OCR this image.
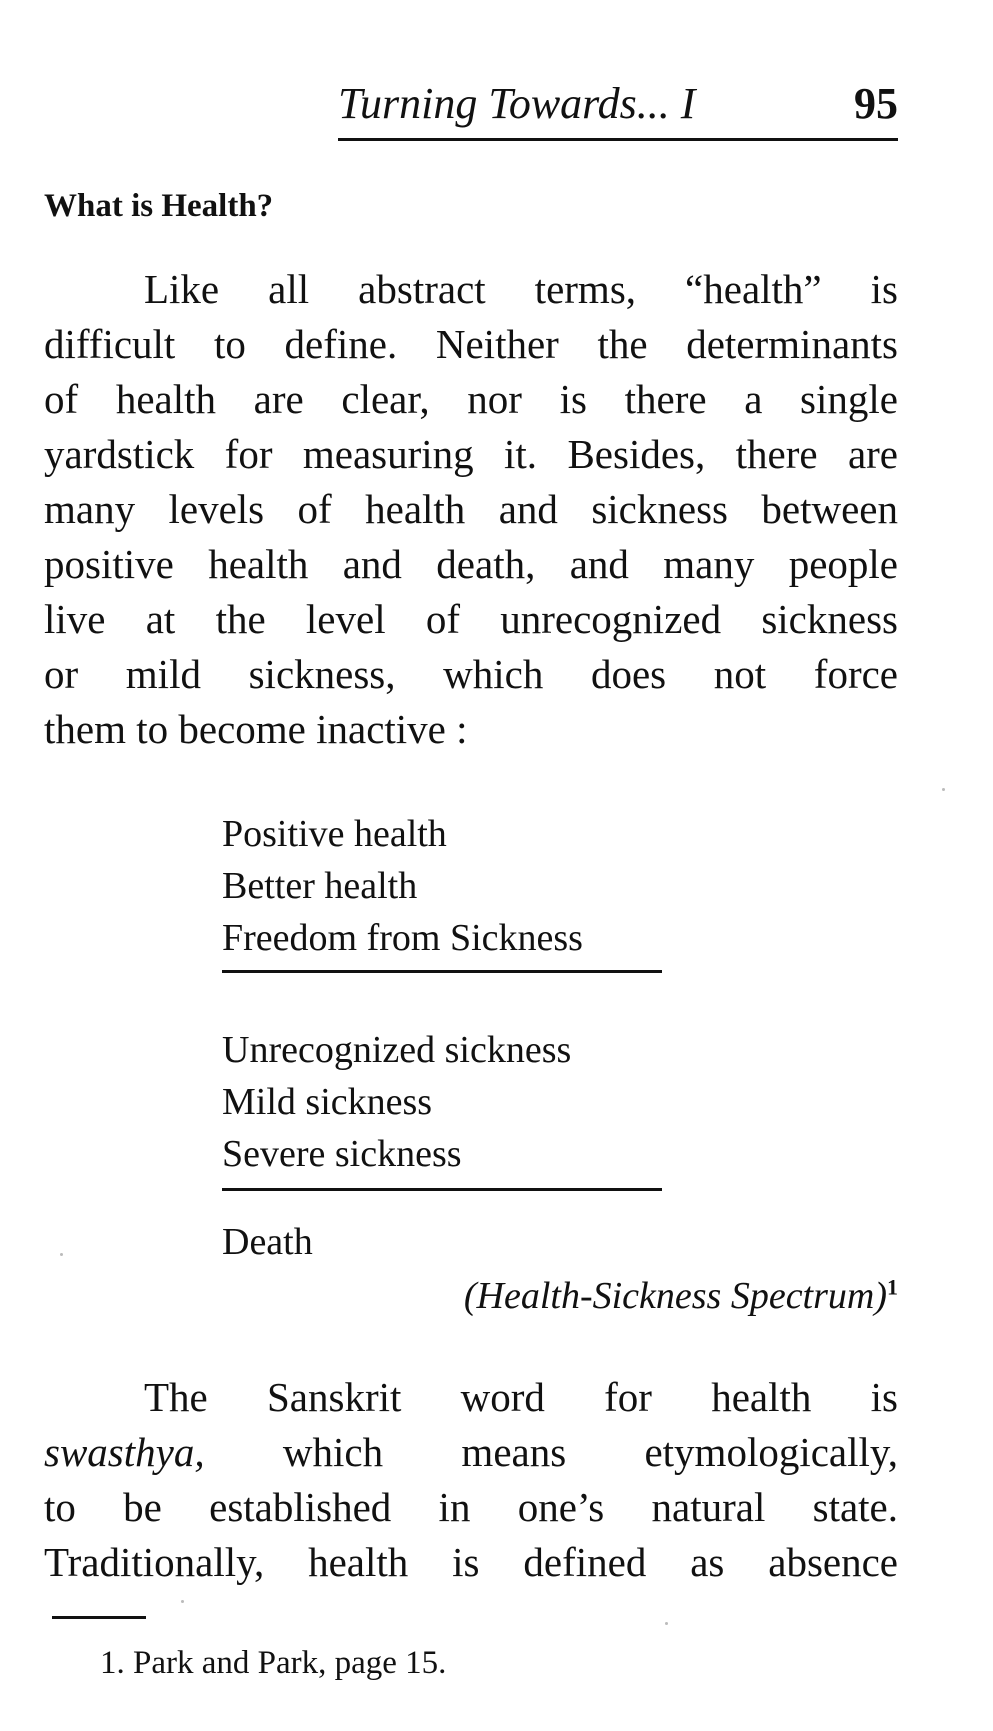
Turning Towards... I	95
What is Health?

Like all abstract terms, “health” is
difficult to define. Neither the determinants
of health are clear, nor is there a single
yardstick for measuring it. Besides, there are
many levels of health and sickness between
positive health and death, and many people
live at the level of unrecognized sickness
or mild sickness, which does not force
them to become inactive :

Positive health
Better health
Freedom from Sickness
Unrecognized sickness
Mild sickness
Severe sickness
Death
(Health-Sickness Spectrum)$^1$

The Sanskrit word for health is
swasthya, which means etymologically,
to be established in one’s natural state.
Traditionally, health is defined as absence

1. Park and Park, page 15.
